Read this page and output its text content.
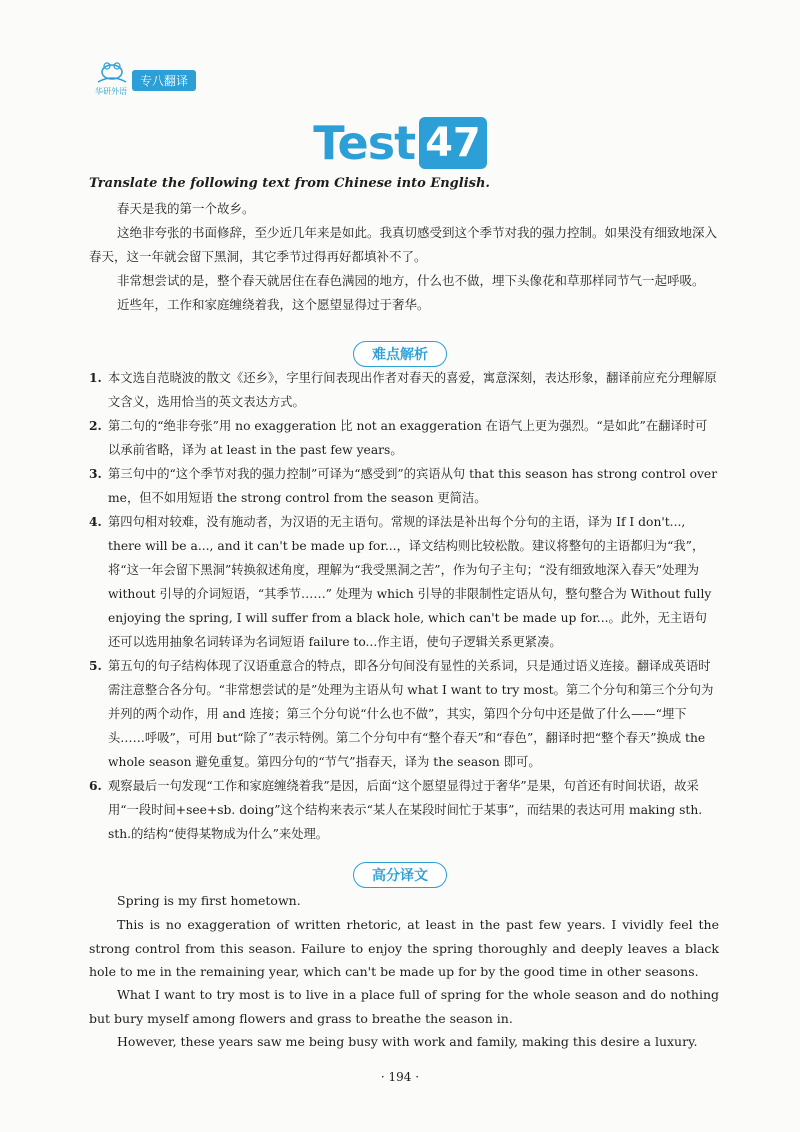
华研外语
专八翻译
Test 47
Translate the following text from Chinese into English.

春天是我的第一个故乡。

这绝非夸张的书面修辞，至少近几年来是如此。我真切感受到这个季节对我的强力控制。如果没有细致地深入春天，这一年就会留下黑洞，其它季节过得再好都填补不了。

非常想尝试的是，整个春天就居住在春色满园的地方，什么也不做，埋下头像花和草那样同节气一起呼吸。

近些年，工作和家庭缠绕着我，这个愿望显得过于奢华。

难点解析
1. 本文选自范晓波的散文《还乡》，字里行间表现出作者对春天的喜爱，寓意深刻，表达形象，翻译前应充分理解原文含义，选用恰当的英文表达方式。
2. 第二句的“绝非夸张”用 no exaggeration 比 not an exaggeration 在语气上更为强烈。“是如此”在翻译时可以承前省略，译为 at least in the past few years。
3. 第三句中的“这个季节对我的强力控制”可译为“感受到”的宾语从句 that this season has strong control over me，但不如用短语 the strong control from the season 更简洁。
4. 第四句相对较难，没有施动者，为汉语的无主语句。常规的译法是补出每个分句的主语，译为 If I don't..., there will be a..., and it can't be made up for...，译文结构则比较松散。建议将整句的主语都归为“我”，将“这一年会留下黑洞”转换叙述角度，理解为“我受黑洞之苦”，作为句子主句；“没有细致地深入春天”处理为 without 引导的介词短语，“其季节……” 处理为 which 引导的非限制性定语从句，整句整合为 Without fully enjoying the spring, I will suffer from a black hole, which can't be made up for...。此外，无主语句还可以选用抽象名词转译为名词短语 failure to...作主语，使句子逻辑关系更紧凑。
5. 第五句的句子结构体现了汉语重意合的特点，即各分句间没有显性的关系词，只是通过语义连接。翻译成英语时需注意整合各分句。“非常想尝试的是”处理为主语从句 what I want to try most。第二个分句和第三个分句为并列的两个动作，用 and 连接；第三个分句说“什么也不做”，其实，第四个分句中还是做了什么——“埋下头……呼吸”，可用 but“除了”表示特例。第二个分句中有“整个春天”和“春色”，翻译时把“整个春天”换成 the whole season 避免重复。第四分句的“节气”指春天，译为 the season 即可。
6. 观察最后一句发现“工作和家庭缠绕着我”是因，后面“这个愿望显得过于奢华”是果，句首还有时间状语，故采用“一段时间+see+sb. doing”这个结构来表示“某人在某段时间忙于某事”，而结果的表达可用 making sth. sth.的结构“使得某物成为什么”来处理。
高分译文

Spring is my first hometown.

This is no exaggeration of written rhetoric, at least in the past few years. I vividly feel the strong control from this season. Failure to enjoy the spring thoroughly and deeply leaves a black hole to me in the remaining year, which can't be made up for by the good time in other seasons.

What I want to try most is to live in a place full of spring for the whole season and do nothing but bury myself among flowers and grass to breathe the season in.

However, these years saw me being busy with work and family, making this desire a luxury.

· 194 ·
